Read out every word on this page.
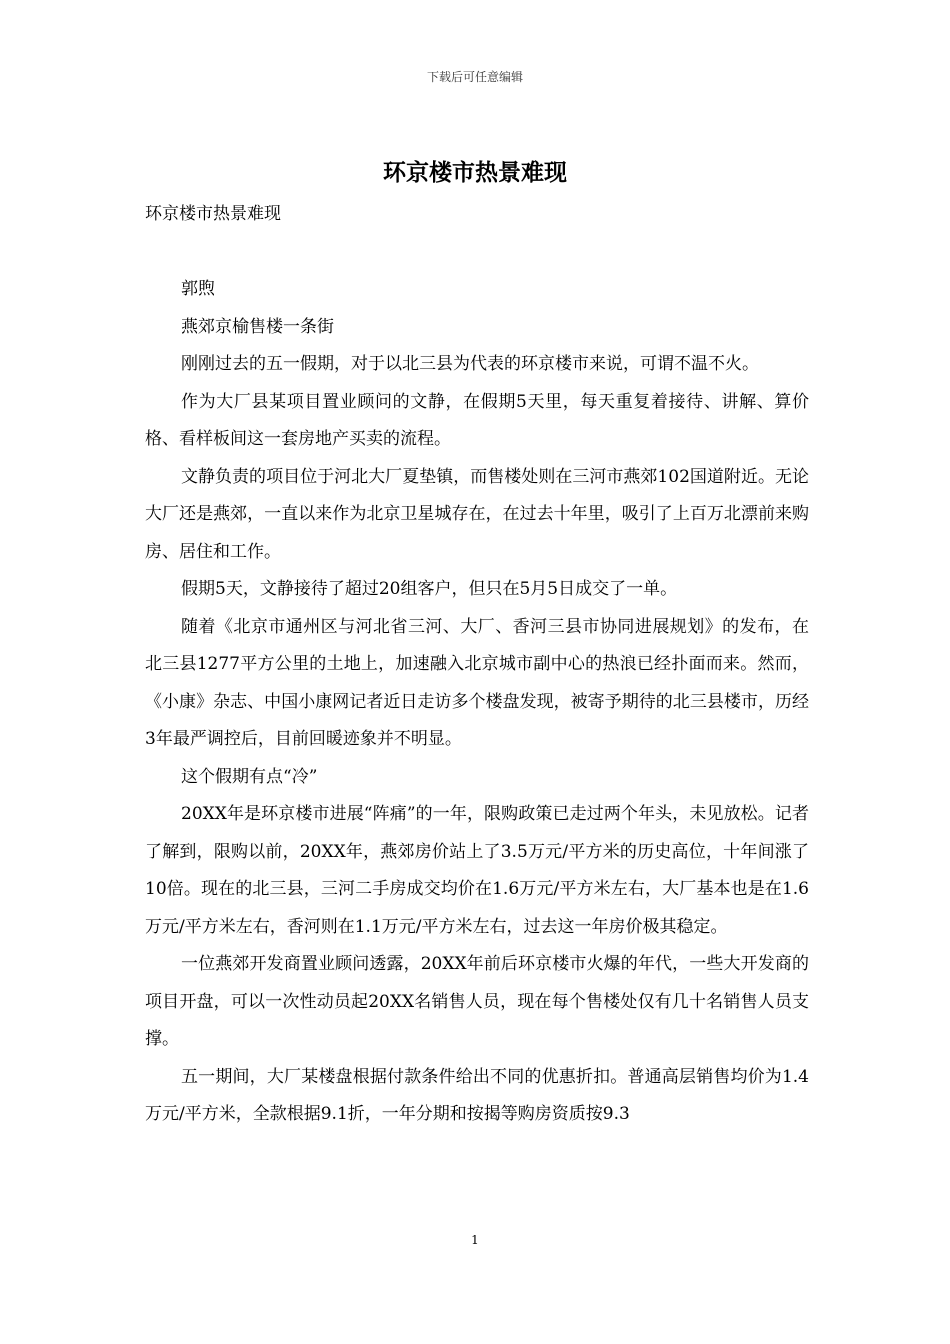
下载后可任意编辑
环京楼市热景难现

环京楼市热景难现

郭煦

燕郊京榆售楼一条街

刚刚过去的五一假期，对于以北三县为代表的环京楼市来说，可谓不温不火。

作为大厂县某项目置业顾问的文静，在假期5天里，每天重复着接待、讲解、算价格、看样板间这一套房地产买卖的流程。

文静负责的项目位于河北大厂夏垫镇，而售楼处则在三河市燕郊102国道附近。无论大厂还是燕郊，一直以来作为北京卫星城存在，在过去十年里，吸引了上百万北漂前来购房、居住和工作。

假期5天，文静接待了超过20组客户，但只在5月5日成交了一单。

随着《北京市通州区与河北省三河、大厂、香河三县市协同进展规划》的发布，在北三县1277平方公里的土地上，加速融入北京城市副中心的热浪已经扑面而来。然而，《小康》杂志、中国小康网记者近日走访多个楼盘发现，被寄予期待的北三县楼市，历经3年最严调控后，目前回暖迹象并不明显。

这个假期有点“冷”

20XX年是环京楼市进展“阵痛”的一年，限购政策已走过两个年头，未见放松。记者了解到，限购以前，20XX年，燕郊房价站上了3.5万元/平方米的历史高位，十年间涨了10倍。现在的北三县，三河二手房成交均价在1.6万元/平方米左右，大厂基本也是在1.6万元/平方米左右，香河则在1.1万元/平方米左右，过去这一年房价极其稳定。

一位燕郊开发商置业顾问透露，20XX年前后环京楼市火爆的年代，一些大开发商的项目开盘，可以一次性动员起20XX名销售人员，现在每个售楼处仅有几十名销售人员支撑。

五一期间，大厂某楼盘根据付款条件给出不同的优惠折扣。普通高层销售均价为1.4万元/平方米，全款根据9.1折，一年分期和按揭等购房资质按9.3

1
